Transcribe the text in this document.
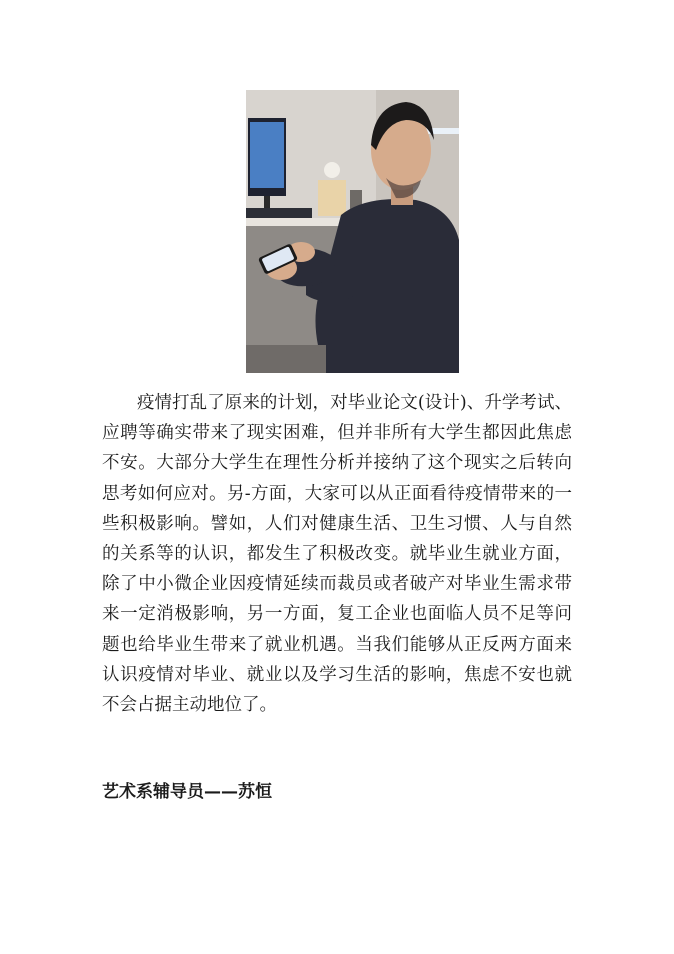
疫情打乱了原来的计划，对毕业论文(设计)、升学考试、应聘等确实带来了现实困难，但并非所有大学生都因此焦虑不安。大部分大学生在理性分析并接纳了这个现实之后转向思考如何应对。另-方面，大家可以从正面看待疫情带来的一些积极影响。譬如，人们对健康生活、卫生习惯、人与自然的关系等的认识，都发生了积极改变。就毕业生就业方面，除了中小微企业因疫情延续而裁员或者破产对毕业生需求带来一定消极影响，另一方面，复工企业也面临人员不足等问题也给毕业生带来了就业机遇。当我们能够从正反两方面来认识疫情对毕业、就业以及学习生活的影响，焦虑不安也就不会占据主动地位了。

艺术系辅导员——苏恒
